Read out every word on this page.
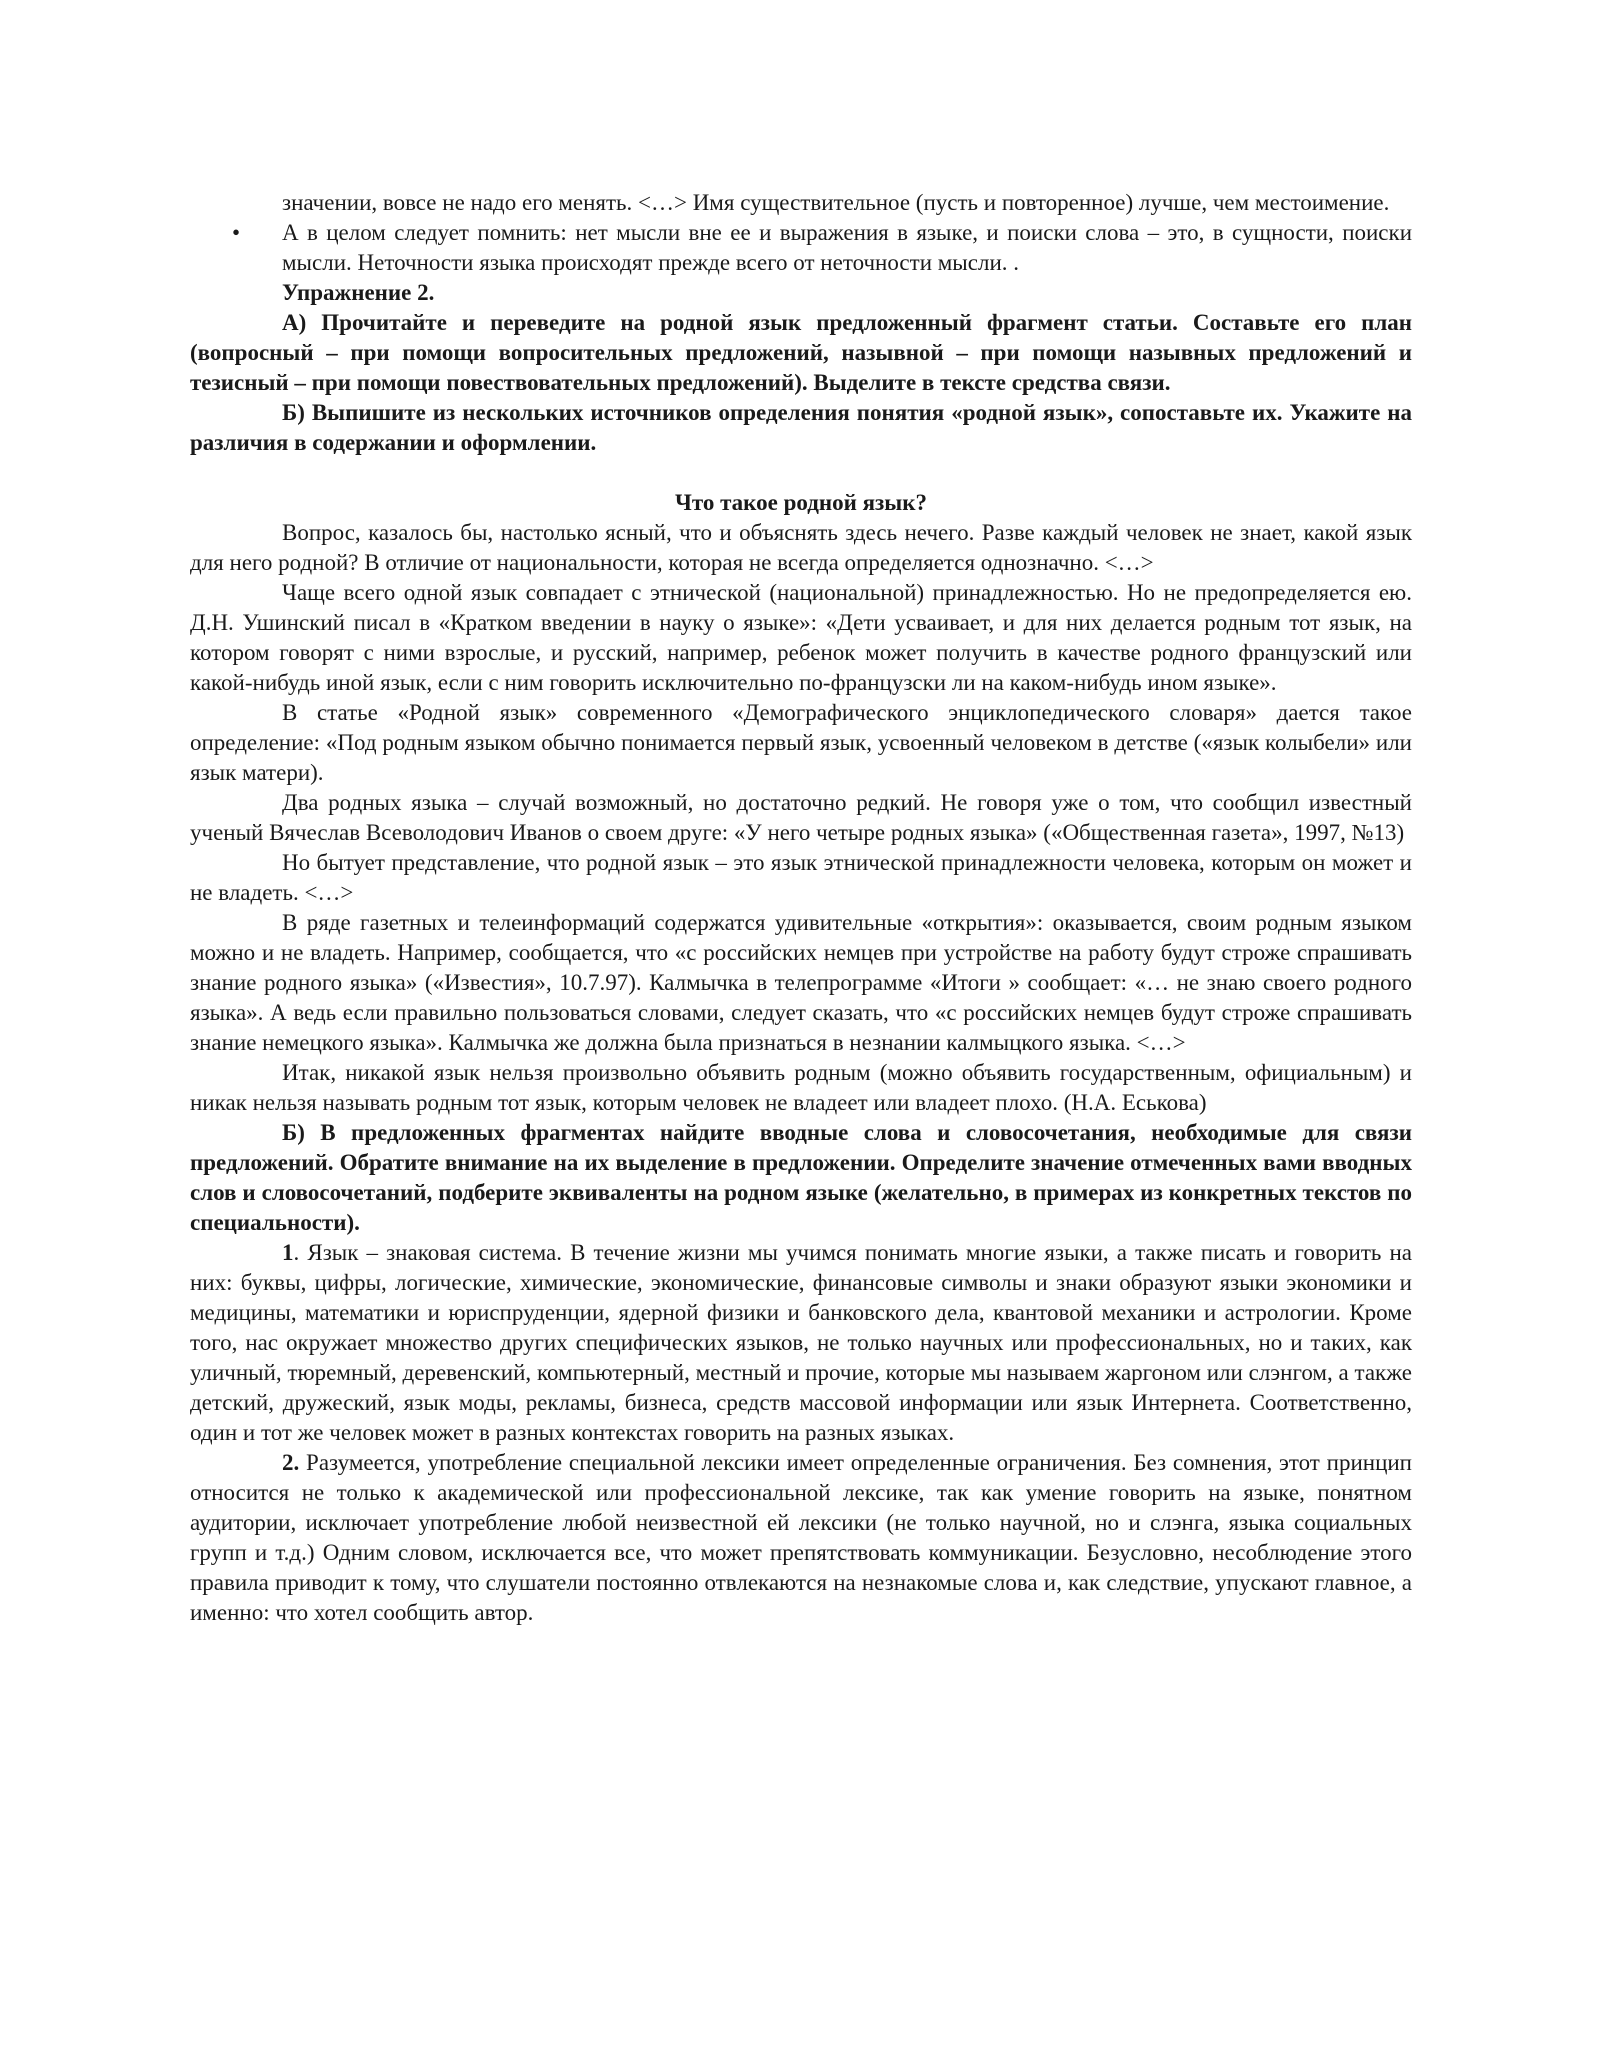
значении, вовсе не надо его менять. <…> Имя существительное (пусть и повторенное) лучше, чем местоимение.

• А в целом следует помнить: нет мысли вне ее и выражения в языке, и поиски слова – это, в сущности, поиски мысли. Неточности языка происходят прежде всего от неточности мысли. .

Упражнение 2.

А) Прочитайте и переведите на родной язык предложенный фрагмент статьи. Составьте его план (вопросный – при помощи вопросительных предложений, назывной – при помощи назывных предложений и тезисный – при помощи повествовательных предложений). Выделите в тексте средства связи.

Б) Выпишите из нескольких источников определения понятия «родной язык», сопоставьте их. Укажите на различия в содержании и оформлении.

Что такое родной язык?

Вопрос, казалось бы, настолько ясный, что и объяснять здесь нечего. Разве каждый человек не знает, какой язык для него родной? В отличие от национальности, которая не всегда определяется однозначно. <…>

Чаще всего одной язык совпадает с этнической (национальной) принадлежностью. Но не предопределяется ею. Д.Н. Ушинский писал в «Кратком введении в науку о языке»: «Дети усваивает, и для них делается родным тот язык, на котором говорят с ними взрослые, и русский, например, ребенок может получить в качестве родного французский или какой-нибудь иной язык, если с ним говорить исключительно по-французски ли на каком-нибудь ином языке».

В статье «Родной язык» современного «Демографического энциклопедического словаря» дается такое определение: «Под родным языком обычно понимается первый язык, усвоенный человеком в детстве («язык колыбели» или язык матери).

Два родных языка – случай возможный, но достаточно редкий. Не говоря уже о том, что сообщил известный ученый Вячеслав Всеволодович Иванов о своем друге: «У него четыре родных языка» («Общественная газета», 1997, №13)

Но бытует представление, что родной язык – это язык этнической принадлежности человека, которым он может и не владеть. <…>

В ряде газетных и телеинформаций содержатся удивительные «открытия»: оказывается, своим родным языком можно и не владеть. Например, сообщается, что «с российских немцев при устройстве на работу будут строже спрашивать знание родного языка» («Известия», 10.7.97). Калмычка в телепрограмме «Итоги » сообщает: «… не знаю своего родного языка». А ведь если правильно пользоваться словами, следует сказать, что «с российских немцев будут строже спрашивать знание немецкого языка». Калмычка же должна была признаться в незнании калмыцкого языка. <…>

Итак, никакой язык нельзя произвольно объявить родным (можно объявить государственным, официальным) и никак нельзя называть родным тот язык, которым человек не владеет или владеет плохо. (Н.А. Еськова)

Б) В предложенных фрагментах найдите вводные слова и словосочетания, необходимые для связи предложений. Обратите внимание на их выделение в предложении. Определите значение отмеченных вами вводных слов и словосочетаний, подберите эквиваленты на родном языке (желательно, в примерах из конкретных текстов по специальности).

1. Язык – знаковая система. В течение жизни мы учимся понимать многие языки, а также писать и говорить на них: буквы, цифры, логические, химические, экономические, финансовые символы и знаки образуют языки экономики и медицины, математики и юриспруденции, ядерной физики и банковского дела, квантовой механики и астрологии. Кроме того, нас окружает множество других специфических языков, не только научных или профессиональных, но и таких, как уличный, тюремный, деревенский, компьютерный, местный и прочие, которые мы называем жаргоном или слэнгом, а также детский, дружеский, язык моды, рекламы, бизнеса, средств массовой информации или язык Интернета. Соответственно, один и тот же человек может в разных контекстах говорить на разных языках.

2. Разумеется, употребление специальной лексики имеет определенные ограничения. Без сомнения, этот принцип относится не только к академической или профессиональной лексике, так как умение говорить на языке, понятном аудитории, исключает употребление любой неизвестной ей лексики (не только научной, но и слэнга, языка социальных групп и т.д.) Одним словом, исключается все, что может препятствовать коммуникации. Безусловно, несоблюдение этого правила приводит к тому, что слушатели постоянно отвлекаются на незнакомые слова и, как следствие, упускают главное, а именно: что хотел сообщить автор.
